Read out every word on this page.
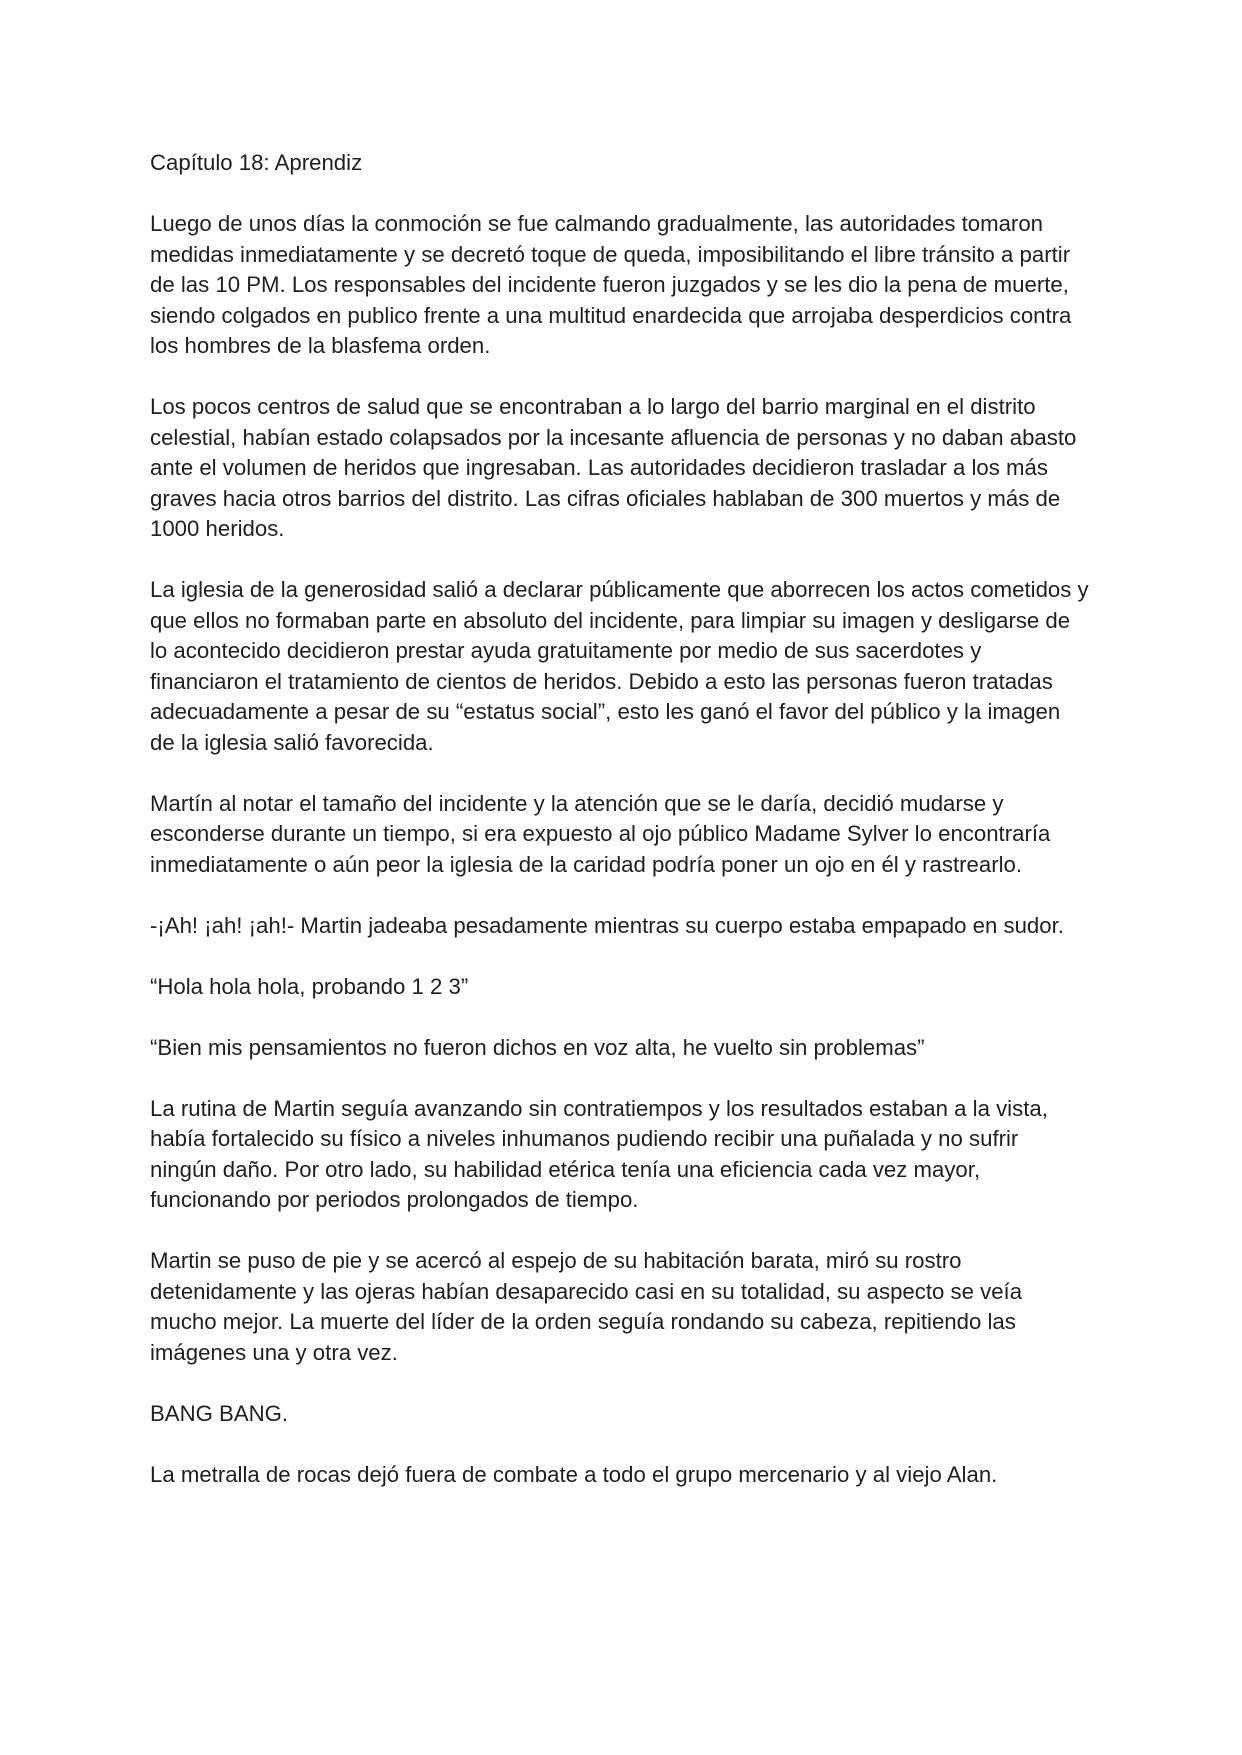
Capítulo 18: Aprendiz

Luego de unos días la conmoción se fue calmando gradualmente, las autoridades tomaron medidas inmediatamente y se decretó toque de queda, imposibilitando el libre tránsito a partir de las 10 PM. Los responsables del incidente fueron juzgados y se les dio la pena de muerte, siendo colgados en publico frente a una multitud enardecida que arrojaba desperdicios contra los hombres de la blasfema orden.

Los pocos centros de salud que se encontraban a lo largo del barrio marginal en el distrito celestial, habían estado colapsados por la incesante afluencia de personas y no daban abasto ante el volumen de heridos que ingresaban. Las autoridades decidieron trasladar a los más graves hacia otros barrios del distrito. Las cifras oficiales hablaban de 300 muertos y más de 1000 heridos.

La iglesia de la generosidad salió a declarar públicamente que aborrecen los actos cometidos y que ellos no formaban parte en absoluto del incidente, para limpiar su imagen y desligarse de lo acontecido decidieron prestar ayuda gratuitamente por medio de sus sacerdotes y financiaron el tratamiento de cientos de heridos. Debido a esto las personas fueron tratadas adecuadamente a pesar de su “estatus social”, esto les ganó el favor del público y la imagen de la iglesia salió favorecida.

Martín al notar el tamaño del incidente y la atención que se le daría, decidió mudarse y esconderse durante un tiempo, si era expuesto al ojo público Madame Sylver lo encontraría inmediatamente o aún peor la iglesia de la caridad podría poner un ojo en él y rastrearlo.

-¡Ah! ¡ah! ¡ah!- Martin jadeaba pesadamente mientras su cuerpo estaba empapado en sudor.

“Hola hola hola, probando 1 2 3”

“Bien mis pensamientos no fueron dichos en voz alta, he vuelto sin problemas”

La rutina de Martin seguía avanzando sin contratiempos y los resultados estaban a la vista, había fortalecido su físico a niveles inhumanos pudiendo recibir una puñalada y no sufrir ningún daño. Por otro lado, su habilidad etérica tenía una eficiencia cada vez mayor, funcionando por periodos prolongados de tiempo.

Martin se puso de pie y se acercó al espejo de su habitación barata, miró su rostro detenidamente y las ojeras habían desaparecido casi en su totalidad, su aspecto se veía mucho mejor. La muerte del líder de la orden seguía rondando su cabeza, repitiendo las imágenes una y otra vez.

BANG BANG.

La metralla de rocas dejó fuera de combate a todo el grupo mercenario y al viejo Alan.
